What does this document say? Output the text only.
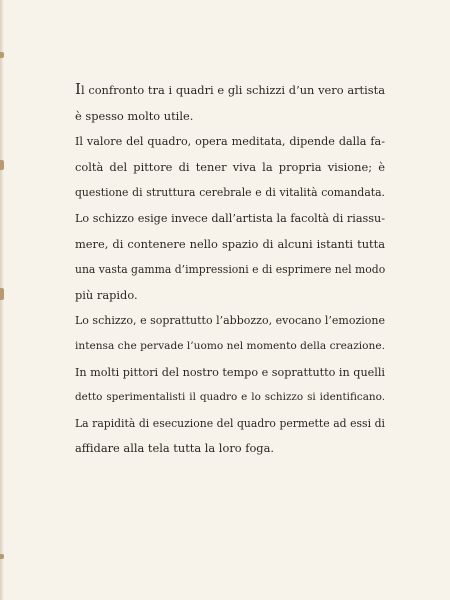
Il confronto tra i quadri e gli schizzi d’un vero artista
è spesso molto utile.
Il valore del quadro, opera meditata, dipende dalla fa-
coltà del pittore di tener viva la propria visione; è
questione di struttura cerebrale e di vitalità comandata.
Lo schizzo esige invece dall’artista la facoltà di riassu-
mere, di contenere nello spazio di alcuni istanti tutta
una vasta gamma d’impressioni e di esprimere nel modo
più rapido.
Lo schizzo, e soprattutto l’abbozzo, evocano l’emozione
intensa che pervade l’uomo nel momento della creazione.
In molti pittori del nostro tempo e soprattutto in quelli
detto sperimentalisti il quadro e lo schizzo si identificano.
La rapidità di esecuzione del quadro permette ad essi di
affidare alla tela tutta la loro foga.
